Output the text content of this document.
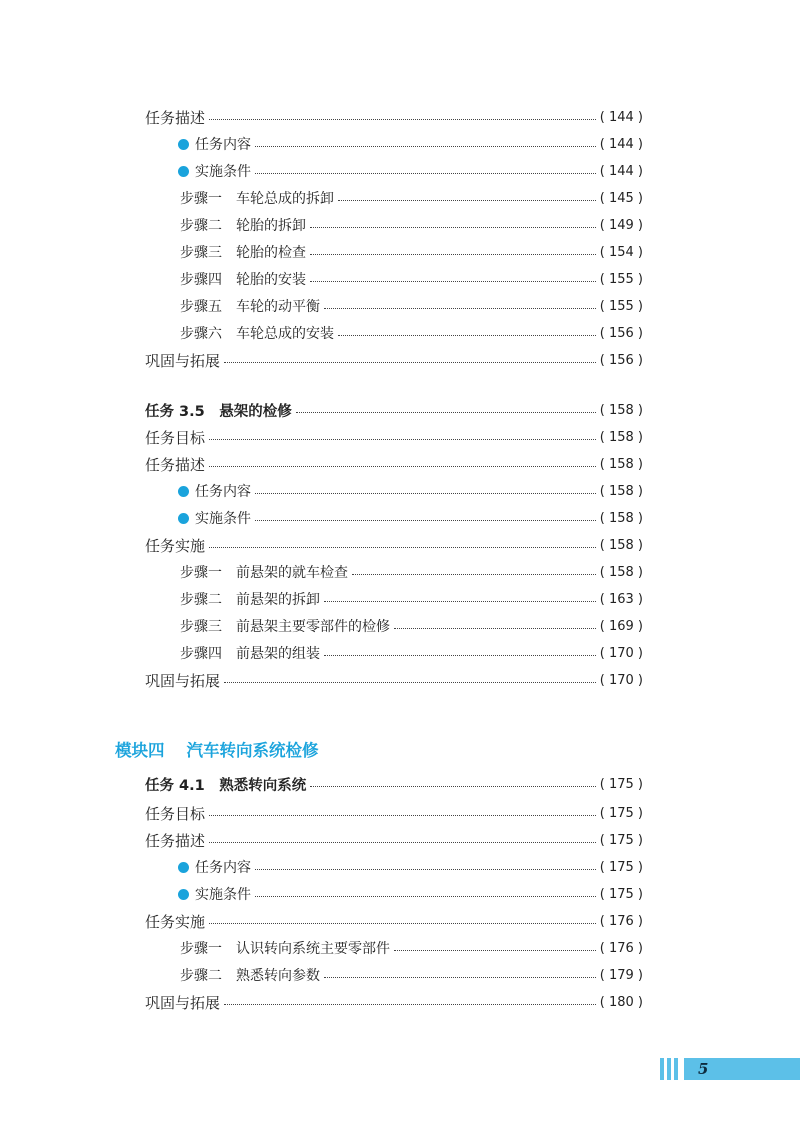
任务描述	( 144 )
任务内容	( 144 )
实施条件	( 144 )
步骤一　车轮总成的拆卸	( 145 )
步骤二　轮胎的拆卸	( 149 )
步骤三　轮胎的检查	( 154 )
步骤四　轮胎的安装	( 155 )
步骤五　车轮的动平衡	( 155 )
步骤六　车轮总成的安装	( 156 )
巩固与拓展	( 156 )
任务 3.5　悬架的检修	( 158 )
任务目标	( 158 )
任务描述	( 158 )
任务内容	( 158 )
实施条件	( 158 )
任务实施	( 158 )
步骤一　前悬架的就车检查	( 158 )
步骤二　前悬架的拆卸	( 163 )
步骤三　前悬架主要零部件的检修	( 169 )
步骤四　前悬架的组装	( 170 )
巩固与拓展	( 170 )
任务 4.1　熟悉转向系统	( 175 )
任务目标	( 175 )
任务描述	( 175 )
任务内容	( 175 )
实施条件	( 175 )
任务实施	( 176 )
步骤一　认识转向系统主要零部件	( 176 )
步骤二　熟悉转向参数	( 179 )
巩固与拓展	( 180 )
模块四 汽车转向系统检修
5
